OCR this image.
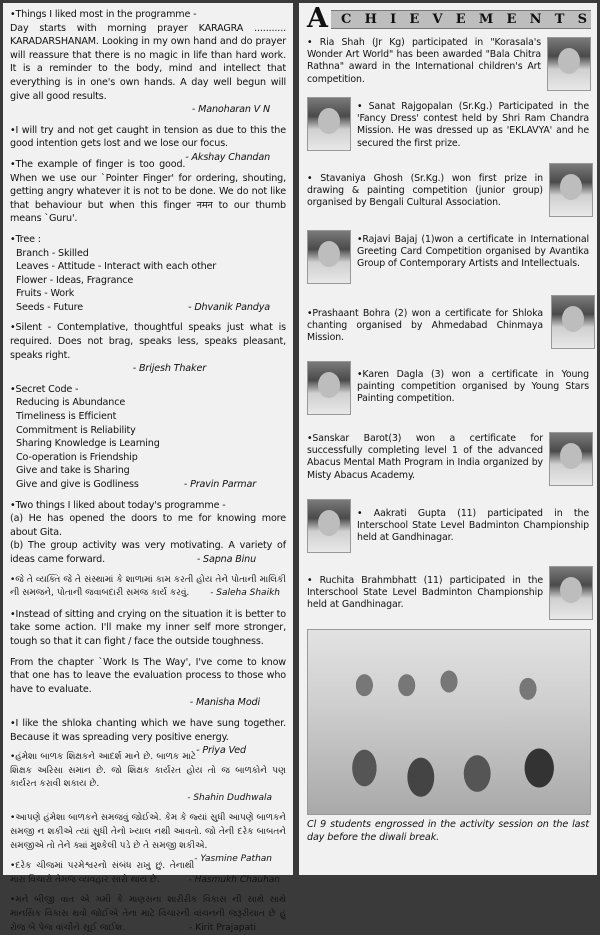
•Things I liked most in the programme -

Day starts with morning prayer KARAGRA ........... KARADARSHANAM. Looking in my own hand and do prayer will reassure that there is no magic in life than hard work. It is a reminder to the body, mind and intellect that everything is in one's own hands. A day well begun will give all good results.

- Manoharan V N

•I will try and not get caught in tension as due to this the good intention gets lost and we lose our focus.
- Akshay Chandan

•The example of finger is too good. When we use our `Pointer Finger' for ordering, shouting, getting angry whatever it is not to be done. We do not like that behaviour but when this finger नमन to our thumb means `Guru'.

•Tree :

Branch - Skilled

Leaves - Attitude - Interact with each other

Flower - Ideas, Fragrance

Fruits - Work

Seeds - Future	- Dhvanik Pandya

•Silent - Contemplative, thoughtful speaks just what is required. Does not brag, speaks less, speaks pleasant, speaks right.

- Brijesh Thaker

•Secret Code -

Reducing is Abundance

Timeliness is Efficient

Commitment is Reliability

Sharing Knowledge is Learning

Co-operation is Friendship

Give and take is Sharing

Give and give is Godliness	- Pravin Parmar

•Two things I liked about today's programme -

(a) He has opened the doors to me for knowing more about Gita.

(b) The group activity was very motivating. A variety of ideas came forward.	- Sapna Binu

•જે તે વ્યક્તિ જે તે સંસ્થામાં કે શાળામાં કામ કરતી હોય તેને પોતાની માલિકી ની સમજને, પોતાની જવાબદારી સમજ કાર્ય કરવું. - Saleha Shaikh

•Instead of sitting and crying on the situation it is better to take some action. I'll make my inner self more stronger, tough so that it can fight / face the outside toughness.

From the chapter `Work Is The Way', I've come to know that one has to leave the evaluation process to those who have to evaluate.

- Manisha Modi

•I like the shloka chanting which we have sung together. Because it was spreading very positive energy.
- Priya Ved

•હંમેશા બાળક શિક્ષકને આદર્શ માને છે. બાળક માટે શિક્ષક અરિસા સમાન છે. જો શિક્ષક કાર્યરત હોય તો જ બાળકોને પણ કાર્યરત કરાવી શકાય છે.

- Shahin Dudhwala

•આપણે હંમેશા બાળકને સમજવું જોઈએ. કેમ કે જ્યાં સુધી આપણે બાળકને સમજી ન શકીએ ત્યાં સુધી તેનો ખ્યાલ નથી આવતો. જો તેની દરેક બાબતને સમજીએ તો તેને ક્યાં મુશ્કેલી પડે છે તે સમજી શકીએ.
- Yasmine Pathan

•દરેક ચીજમાં પરમેશ્વરનો સંબંધ રાખુ છું. તેનાથી મારા વિચારો તેમજ વ્યવહાર સારો થાય છે.	- Hasmukh Chauhan

•મને બીજી વાત એ ગમી કે માણસના શારીરીક વિકાસ ની સાથે સાથે માનસિક વિકાસ થવો જોઈએ તેના માટે વિચારની વાંચનની જરૂરીયાત છે હું રોજ બે પેજ વાંચીને સૂઈ જઈશ.	- Kirit Prajapati

A C H I E V E M E N T S
• Ria Shah (Jr Kg) participated in "Korasala's Wonder Art World" has been awarded "Bala Chitra Rathna" award in the International children's Art competition.
• Sanat Rajgopalan (Sr.Kg.) Participated in the 'Fancy Dress' contest held by Shri Ram Chandra Mission. He was dressed up as 'EKLAVYA' and he secured the first prize.
• Stavaniya Ghosh (Sr.Kg.) won first prize in drawing & painting competition (junior group) organised by Bengali Cultural Association.
•Rajavi Bajaj (1)won a certificate in International Greeting Card Competition organised by Avantika Group of Contemporary Artists and Intellectuals.
•Prashaant Bohra (2) won a certificate for Shloka chanting organised by Ahmedabad Chinmaya Mission.
•Karen Dagla (3) won a certificate in Young painting competition organised by Young Stars Painting competition.
•Sanskar Barot(3) won a certificate for successfully completing level 1 of the advanced Abacus Mental Math Program in India organized by Misty Abacus Academy.
• Aakrati Gupta (11) participated in the Interschool State Level Badminton Championship held at Gandhinagar.
• Ruchita Brahmbhatt (11) participated in the Interschool State Level Badminton Championship held at Gandhinagar.
Cl 9 students engrossed in the activity session on the last day before the diwali break.
